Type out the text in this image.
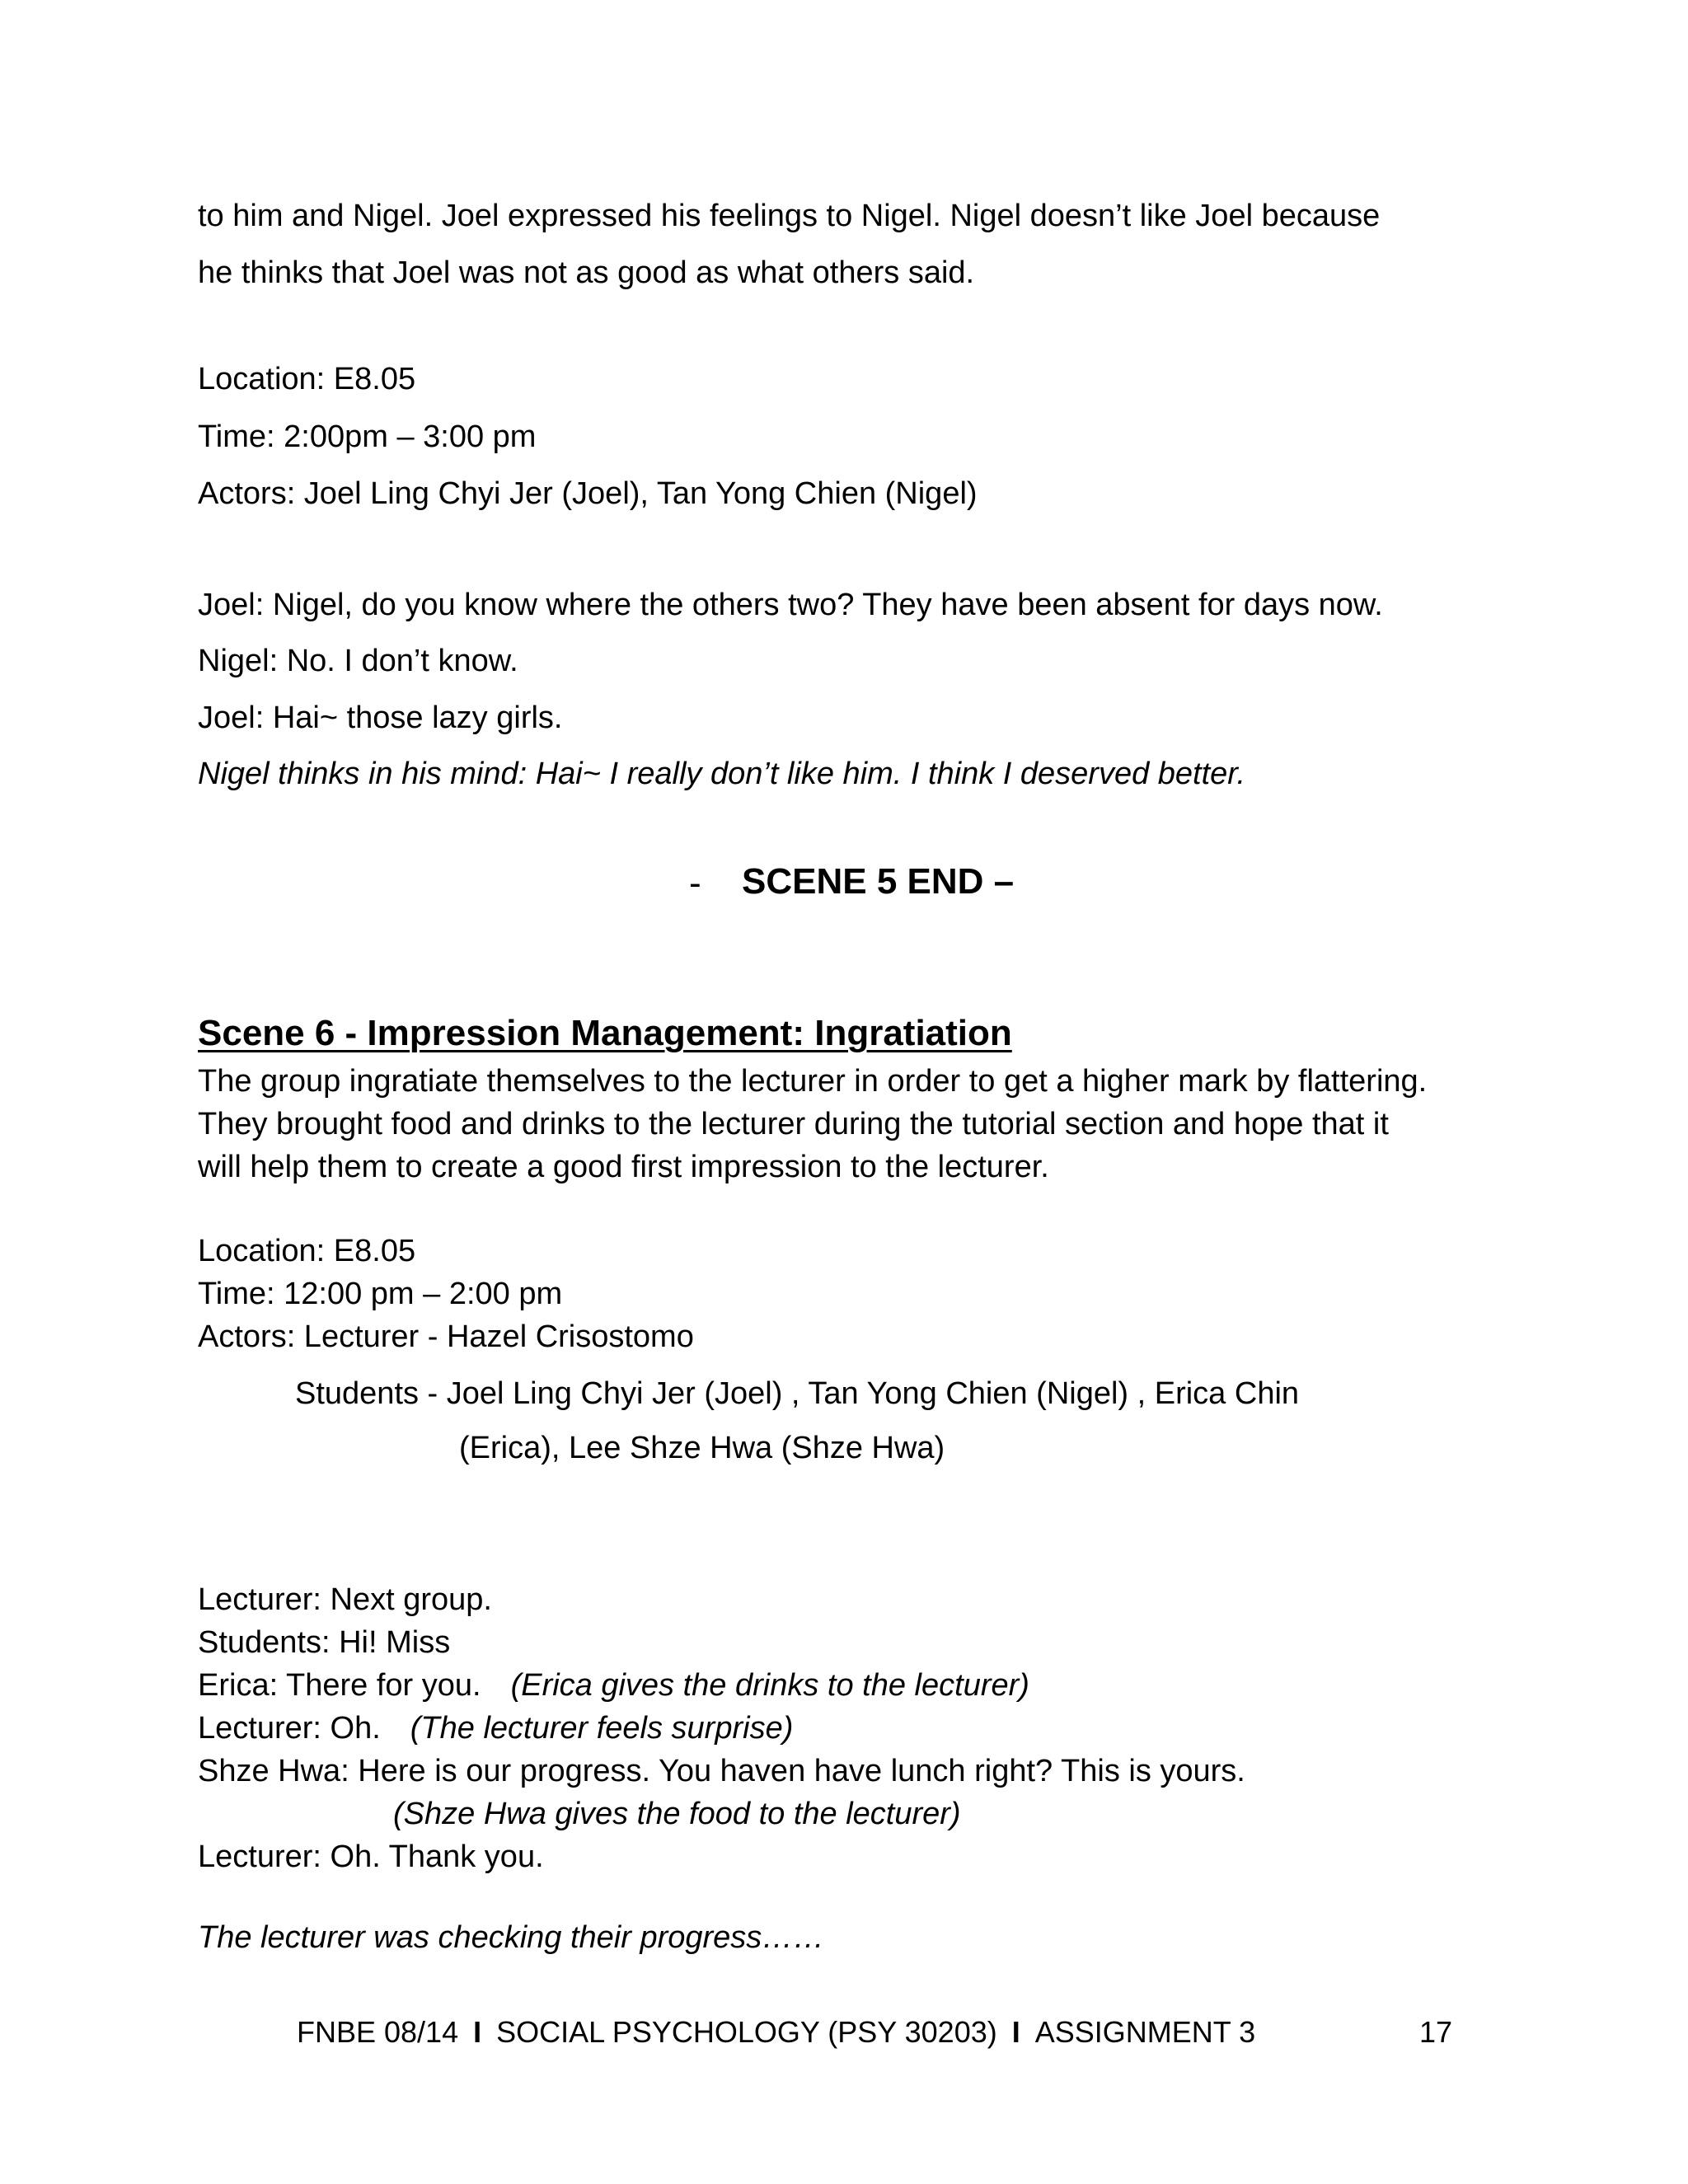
to him and Nigel. Joel expressed his feelings to Nigel. Nigel doesn’t like Joel because
he thinks that Joel was not as good as what others said.
Location: E8.05
Time: 2:00pm – 3:00 pm
Actors: Joel Ling Chyi Jer (Joel), Tan Yong Chien (Nigel)
Joel: Nigel, do you know where the others two? They have been absent for days now.
Nigel: No. I don’t know.
Joel: Hai~ those lazy girls.
Nigel thinks in his mind: Hai~ I really don’t like him. I think I deserved better.
- SCENE 5 END –
Scene 6 - Impression Management: Ingratiation
The group ingratiate themselves to the lecturer in order to get a higher mark by flattering.
They brought food and drinks to the lecturer during the tutorial section and hope that it
will help them to create a good first impression to the lecturer.
Location: E8.05
Time: 12:00 pm – 2:00 pm
Actors: Lecturer - Hazel Crisostomo
Students - Joel Ling Chyi Jer (Joel) , Tan Yong Chien (Nigel) , Erica Chin
(Erica), Lee Shze Hwa (Shze Hwa)
Lecturer: Next group.
Students: Hi! Miss
Erica: There for you. (Erica gives the drinks to the lecturer)
Lecturer: Oh. (The lecturer feels surprise)
Shze Hwa: Here is our progress. You haven have lunch right? This is yours.
(Shze Hwa gives the food to the lecturer)
Lecturer: Oh. Thank you.
The lecturer was checking their progress……
FNBE 08/14 I SOCIAL PSYCHOLOGY (PSY 30203) I ASSIGNMENT 3	17
